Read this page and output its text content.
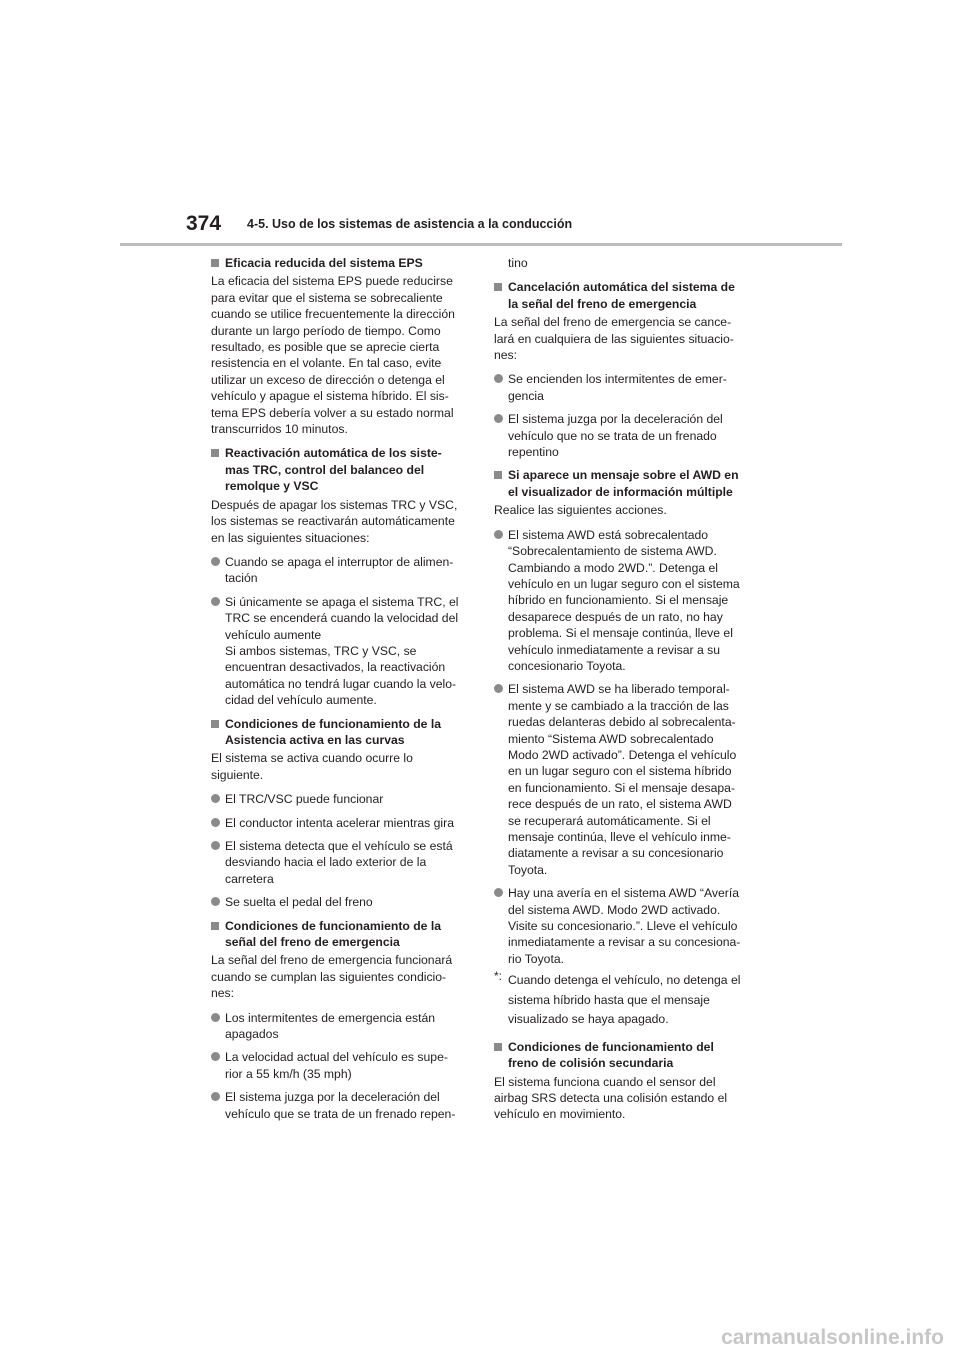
374 4-5. Uso de los sistemas de asistencia a la conducción
Eficacia reducida del sistema EPS
La eficacia del sistema EPS puede reducirse
para evitar que el sistema se sobrecaliente
cuando se utilice frecuentemente la dirección
durante un largo período de tiempo. Como
resultado, es posible que se aprecie cierta
resistencia en el volante. En tal caso, evite
utilizar un exceso de dirección o detenga el
vehículo y apague el sistema híbrido. El sis-
tema EPS debería volver a su estado normal
transcurridos 10 minutos.
Reactivación automática de los siste-
mas TRC, control del balanceo del
remolque y VSC
Después de apagar los sistemas TRC y VSC,
los sistemas se reactivarán automáticamente
en las siguientes situaciones:
Cuando se apaga el interruptor de alimen-
tación
Si únicamente se apaga el sistema TRC, el
TRC se encenderá cuando la velocidad del
vehículo aumente
Si ambos sistemas, TRC y VSC, se
encuentran desactivados, la reactivación
automática no tendrá lugar cuando la velo-
cidad del vehículo aumente.
Condiciones de funcionamiento de la
Asistencia activa en las curvas
El sistema se activa cuando ocurre lo
siguiente.
El TRC/VSC puede funcionar
El conductor intenta acelerar mientras gira
El sistema detecta que el vehículo se está
desviando hacia el lado exterior de la
carretera
Se suelta el pedal del freno
Condiciones de funcionamiento de la
señal del freno de emergencia
La señal del freno de emergencia funcionará
cuando se cumplan las siguientes condicio-
nes:
Los intermitentes de emergencia están
apagados
La velocidad actual del vehículo es supe-
rior a 55 km/h (35 mph)
El sistema juzga por la deceleración del
vehículo que se trata de un frenado repen-
tino
Cancelación automática del sistema de
la señal del freno de emergencia
La señal del freno de emergencia se cance-
lará en cualquiera de las siguientes situacio-
nes:
Se encienden los intermitentes de emer-
gencia
El sistema juzga por la deceleración del
vehículo que no se trata de un frenado
repentino
Si aparece un mensaje sobre el AWD en
el visualizador de información múltiple
Realice las siguientes acciones.
El sistema AWD está sobrecalentado
“Sobrecalentamiento de sistema AWD.
Cambiando a modo 2WD.”. Detenga el
vehículo en un lugar seguro con el sistema
híbrido en funcionamiento. Si el mensaje
desaparece después de un rato, no hay
problema. Si el mensaje continúa, lleve el
vehículo inmediatamente a revisar a su
concesionario Toyota.
El sistema AWD se ha liberado temporal-
mente y se cambiado a la tracción de las
ruedas delanteras debido al sobrecalenta-
miento “Sistema AWD sobrecalentado
Modo 2WD activado”. Detenga el vehículo
en un lugar seguro con el sistema híbrido
en funcionamiento. Si el mensaje desapa-
rece después de un rato, el sistema AWD
se recuperará automáticamente. Si el
mensaje continúa, lleve el vehículo inme-
diatamente a revisar a su concesionario
Toyota.
Hay una avería en el sistema AWD “Avería
del sistema AWD. Modo 2WD activado.
Visite su concesionario.”. Lleve el vehículo
inmediatamente a revisar a su concesiona-
rio Toyota.
*: Cuando detenga el vehículo, no detenga el
sistema híbrido hasta que el mensaje
visualizado se haya apagado.
Condiciones de funcionamiento del
freno de colisión secundaria
El sistema funciona cuando el sensor del
airbag SRS detecta una colisión estando el
vehículo en movimiento.
carmanualsonline.info
